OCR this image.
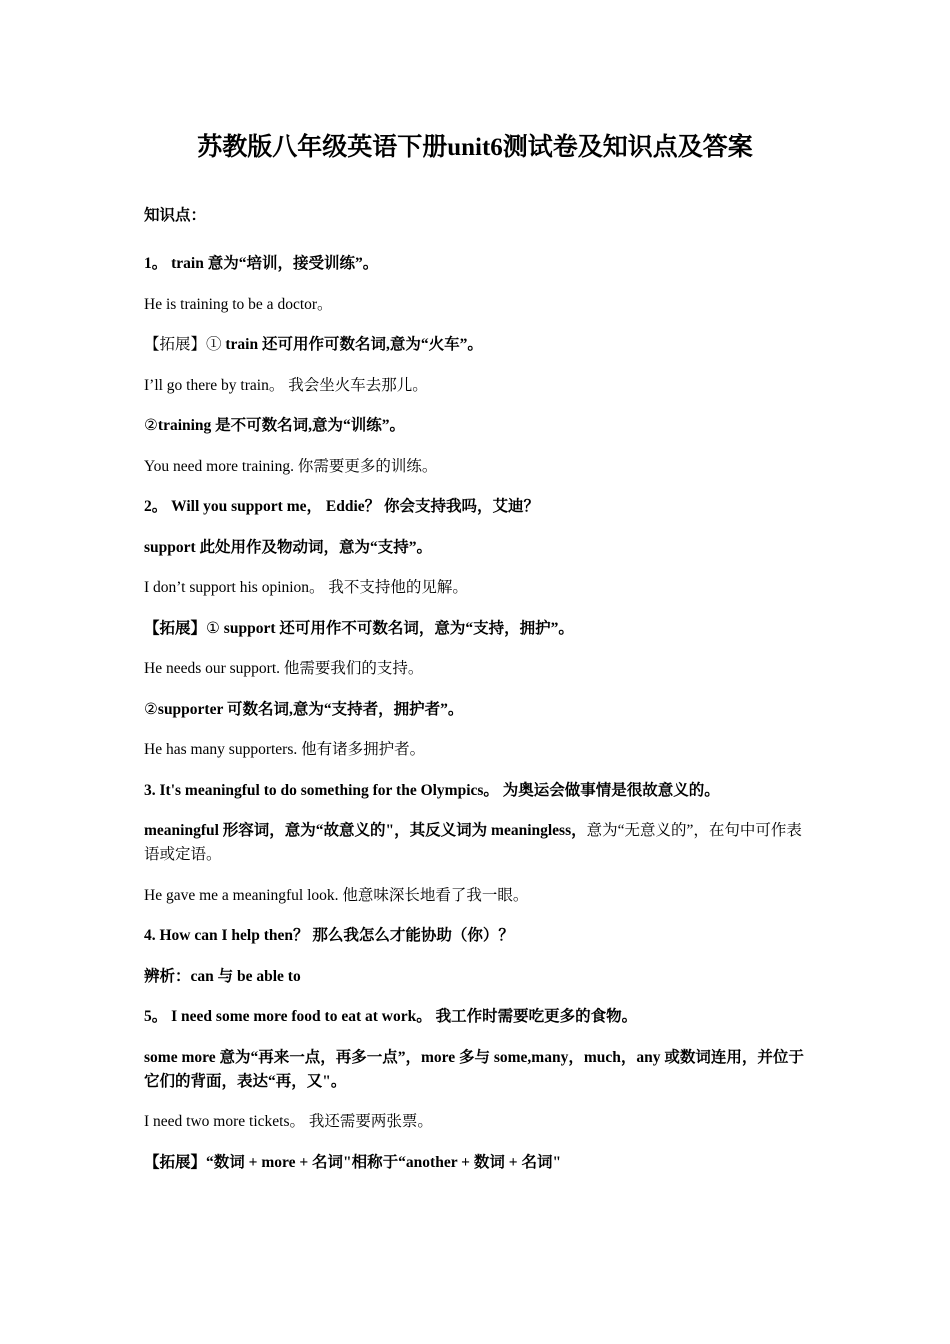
苏教版八年级英语下册unit6测试卷及知识点及答案

知识点：

1。 train 意为“培训，接受训练”。

He is training to be a doctor。

【拓展】① train 还可用作可数名词,意为“火车”。

I’ll go there by train。 我会坐火车去那儿。

②training 是不可数名词,意为“训练”。

You need more training. 你需要更多的训练。

2。 Will you support me， Eddie？ 你会支持我吗，艾迪？

support 此处用作及物动词，意为“支持”。

I don’t support his opinion。 我不支持他的见解。

【拓展】① support 还可用作不可数名词，意为“支持，拥护”。

He needs our support. 他需要我们的支持。

②supporter 可数名词,意为“支持者，拥护者”。

He has many supporters. 他有诸多拥护者。

3. It's meaningful to do something for the Olympics。 为奥运会做事情是很故意义的。

meaningful 形容词，意为“故意义的"，其反义词为 meaningless，意为“无意义的”，在句中可作表语或定语。

He gave me a meaningful look. 他意味深长地看了我一眼。

4. How can I help then？ 那么我怎么才能协助（你）？

辨析：can 与 be able to

5。 I need some more food to eat at work。 我工作时需要吃更多的食物。

some more 意为“再来一点，再多一点”，more 多与 some,many，much，any 或数词连用，并位于它们的背面，表达“再，又"。

I need two more tickets。 我还需要两张票。

【拓展】“数词 + more + 名词"相称于“another + 数词 + 名词"
